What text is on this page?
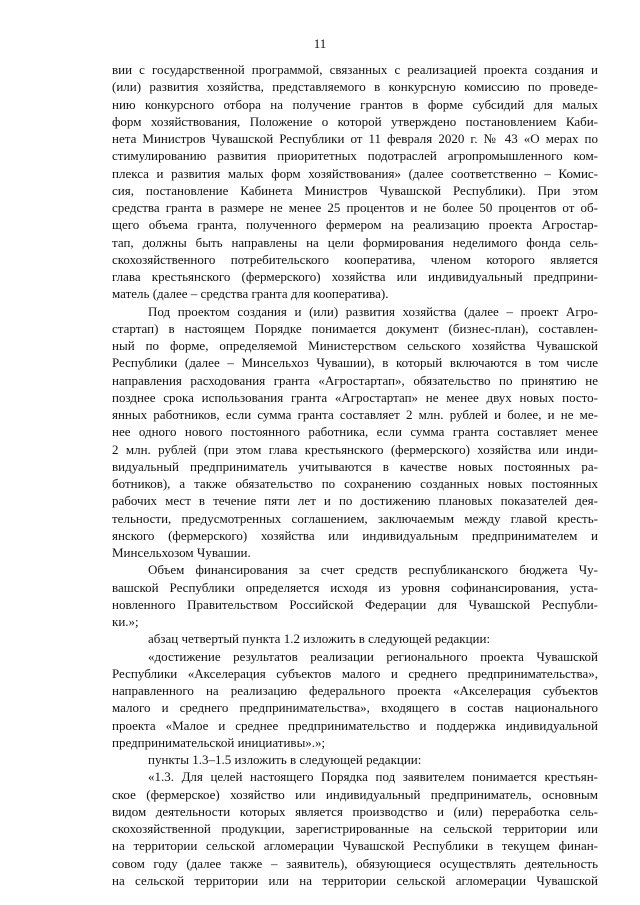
11
вии с государственной программой, связанных с реализацией проекта создания и
(или) развития хозяйства, представляемого в конкурсную комиссию по проведе-
нию конкурсного отбора на получение грантов в форме субсидий для малых
форм хозяйствования, Положение о которой утверждено постановлением Каби-
нета Министров Чувашской Республики от 11 февраля 2020 г. № 43 «О мерах по
стимулированию развития приоритетных подотраслей агропромышленного ком-
плекса и развития малых форм хозяйствования» (далее соответственно – Комис-
сия, постановление Кабинета Министров Чувашской Республики). При этом
средства гранта в размере не менее 25 процентов и не более 50 процентов от об-
щего объема гранта, полученного фермером на реализацию проекта Агростар-
тап, должны быть направлены на цели формирования неделимого фонда сель-
скохозяйственного потребительского кооператива, членом которого является
глава крестьянского (фермерского) хозяйства или индивидуальный предприни-
матель (далее – средства гранта для кооператива).
Под проектом создания и (или) развития хозяйства (далее – проект Агро-
стартап) в настоящем Порядке понимается документ (бизнес-план), составлен-
ный по форме, определяемой Министерством сельского хозяйства Чувашской
Республики (далее – Минсельхоз Чувашии), в который включаются в том числе
направления расходования гранта «Агростартап», обязательство по принятию не
позднее срока использования гранта «Агростартап» не менее двух новых посто-
янных работников, если сумма гранта составляет 2 млн. рублей и более, и не ме-
нее одного нового постоянного работника, если сумма гранта составляет менее
2 млн. рублей (при этом глава крестьянского (фермерского) хозяйства или инди-
видуальный предприниматель учитываются в качестве новых постоянных ра-
ботников), а также обязательство по сохранению созданных новых постоянных
рабочих мест в течение пяти лет и по достижению плановых показателей дея-
тельности, предусмотренных соглашением, заключаемым между главой кресть-
янского (фермерского) хозяйства или индивидуальным предпринимателем и
Минсельхозом Чувашии.
Объем финансирования за счет средств республиканского бюджета Чу-
вашской Республики определяется исходя из уровня софинансирования, уста-
новленного Правительством Российской Федерации для Чувашской Республи-
ки.»;
абзац четвертый пункта 1.2 изложить в следующей редакции:
«достижение результатов реализации регионального проекта Чувашской
Республики «Акселерация субъектов малого и среднего предпринимательства»,
направленного на реализацию федерального проекта «Акселерация субъектов
малого и среднего предпринимательства», входящего в состав национального
проекта «Малое и среднее предпринимательство и поддержка индивидуальной
предпринимательской инициативы».»;
пункты 1.3–1.5 изложить в следующей редакции:
«1.3. Для целей настоящего Порядка под заявителем понимается крестьян-
ское (фермерское) хозяйство или индивидуальный предприниматель, основным
видом деятельности которых является производство и (или) переработка сель-
скохозяйственной продукции, зарегистрированные на сельской территории или
на территории сельской агломерации Чувашской Республики в текущем финан-
совом году (далее также – заявитель), обязующиеся осуществлять деятельность
на сельской территории или на территории сельской агломерации Чувашской
